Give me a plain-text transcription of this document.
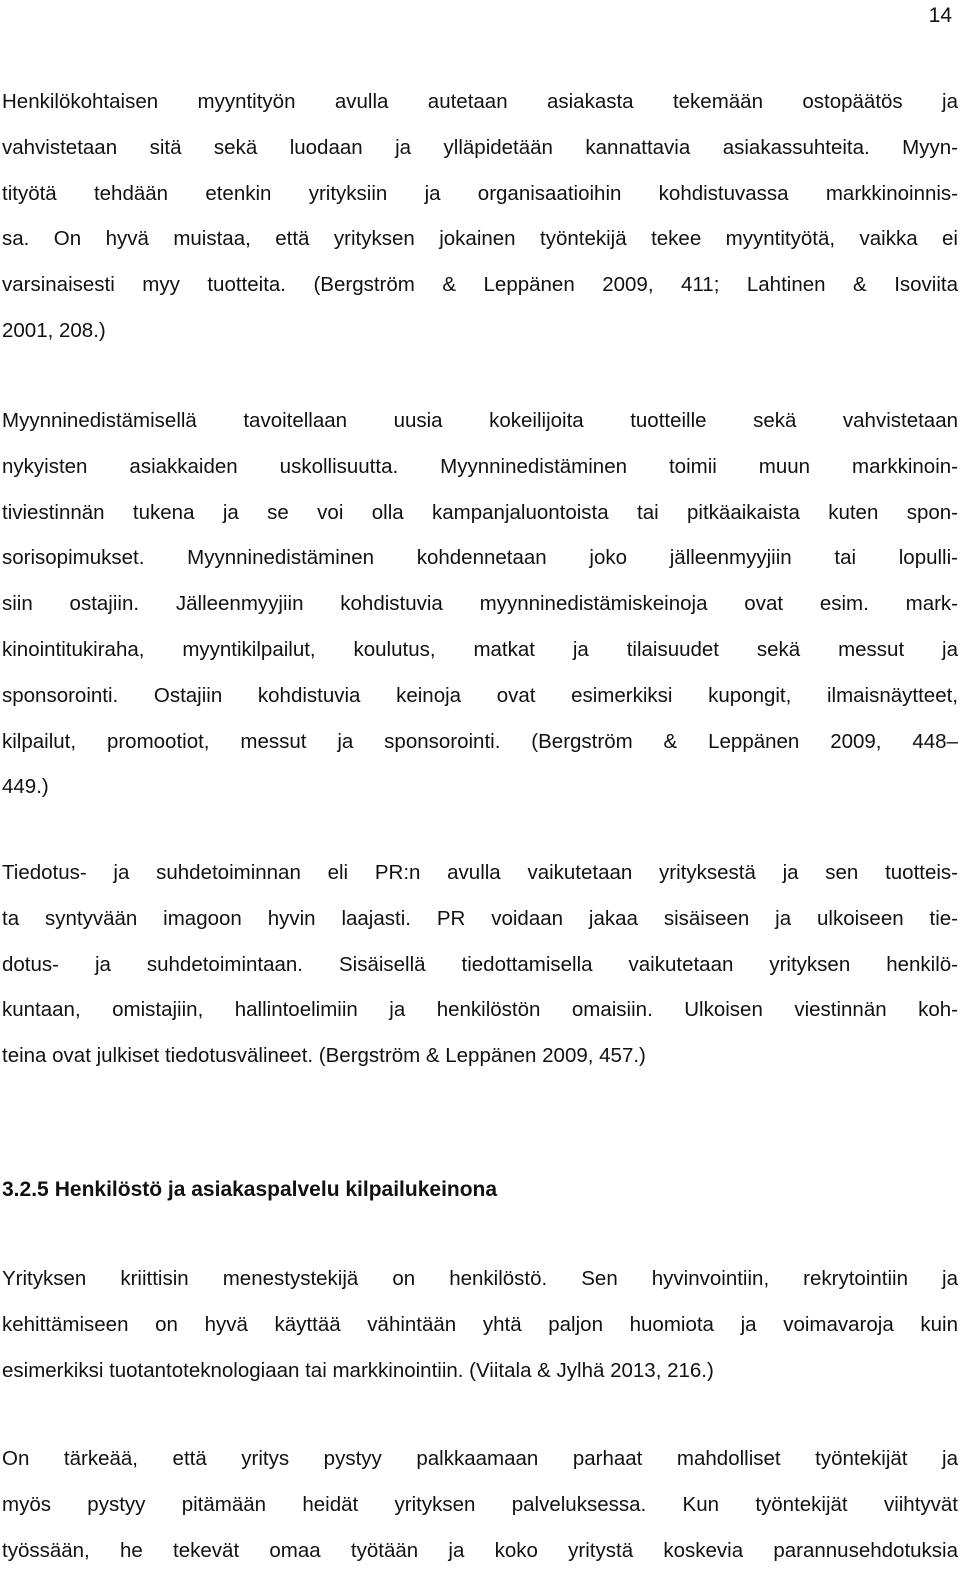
14

Henkilökohtaisen myyntityön avulla autetaan asiakasta tekemään ostopäätös ja
vahvistetaan sitä sekä luodaan ja ylläpidetään kannattavia asiakassuhteita. Myyn-
tityötä tehdään etenkin yrityksiin ja organisaatioihin kohdistuvassa markkinoinnis-
sa. On hyvä muistaa, että yrityksen jokainen työntekijä tekee myyntityötä, vaikka ei
varsinaisesti myy tuotteita. (Bergström & Leppänen 2009, 411; Lahtinen & Isoviita
2001, 208.)

Myynninedistämisellä tavoitellaan uusia kokeilijoita tuotteille sekä vahvistetaan
nykyisten asiakkaiden uskollisuutta. Myynninedistäminen toimii muun markkinoin-
tiviestinnän tukena ja se voi olla kampanjaluontoista tai pitkäaikaista kuten spon-
sorisopimukset. Myynninedistäminen kohdennetaan joko jälleenmyyjiin tai lopulli-
siin ostajiin. Jälleenmyyjiin kohdistuvia myynninedistämiskeinoja ovat esim. mark-
kinointitukiraha, myyntikilpailut, koulutus, matkat ja tilaisuudet sekä messut ja
sponsorointi. Ostajiin kohdistuvia keinoja ovat esimerkiksi kupongit, ilmaisnäytteet,
kilpailut, promootiot, messut ja sponsorointi. (Bergström & Leppänen 2009, 448–
449.)

Tiedotus- ja suhdetoiminnan eli PR:n avulla vaikutetaan yrityksestä ja sen tuotteis-
ta syntyvään imagoon hyvin laajasti. PR voidaan jakaa sisäiseen ja ulkoiseen tie-
dotus- ja suhdetoimintaan. Sisäisellä tiedottamisella vaikutetaan yrityksen henkilö-
kuntaan, omistajiin, hallintoelimiin ja henkilöstön omaisiin. Ulkoisen viestinnän koh-
teina ovat julkiset tiedotusvälineet. (Bergström & Leppänen 2009, 457.)

3.2.5 Henkilöstö ja asiakaspalvelu kilpailukeinona

Yrityksen kriittisin menestystekijä on henkilöstö. Sen hyvinvointiin, rekrytointiin ja
kehittämiseen on hyvä käyttää vähintään yhtä paljon huomiota ja voimavaroja kuin
esimerkiksi tuotantoteknologiaan tai markkinointiin. (Viitala & Jylhä 2013, 216.)

On tärkeää, että yritys pystyy palkkaamaan parhaat mahdolliset työntekijät ja
myös pystyy pitämään heidät yrityksen palveluksessa. Kun työntekijät viihtyvät
työssään, he tekevät omaa työtään ja koko yritystä koskevia parannusehdotuksia
